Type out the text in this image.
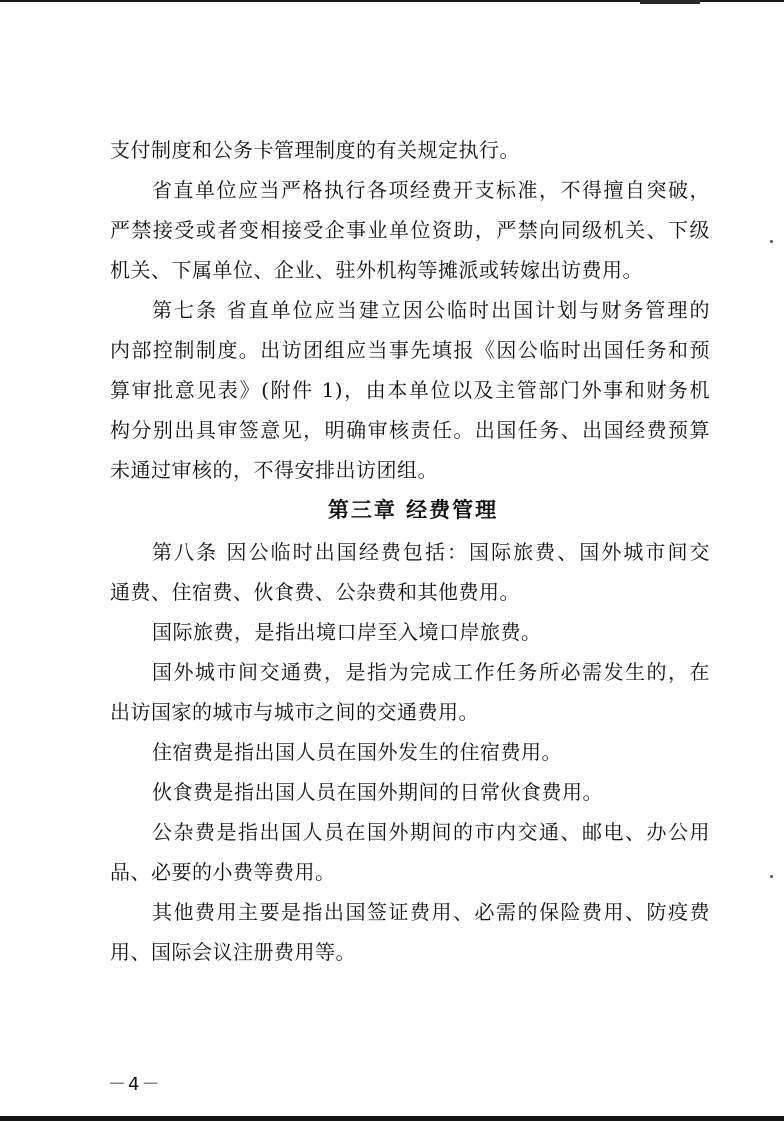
支付制度和公务卡管理制度的有关规定执行。
省直单位应当严格执行各项经费开支标准，不得擅自突破，
严禁接受或者变相接受企事业单位资助，严禁向同级机关、下级
机关、下属单位、企业、驻外机构等摊派或转嫁出访费用。
第七条 省直单位应当建立因公临时出国计划与财务管理的
内部控制制度。出访团组应当事先填报《因公临时出国任务和预
算审批意见表》(附件 1)，由本单位以及主管部门外事和财务机
构分别出具审签意见，明确审核责任。出国任务、出国经费预算
未通过审核的，不得安排出访团组。
第三章 经费管理
第八条 因公临时出国经费包括：国际旅费、国外城市间交
通费、住宿费、伙食费、公杂费和其他费用。
国际旅费，是指出境口岸至入境口岸旅费。
国外城市间交通费，是指为完成工作任务所必需发生的，在
出访国家的城市与城市之间的交通费用。
住宿费是指出国人员在国外发生的住宿费用。
伙食费是指出国人员在国外期间的日常伙食费用。
公杂费是指出国人员在国外期间的市内交通、邮电、办公用
品、必要的小费等费用。
其他费用主要是指出国签证费用、必需的保险费用、防疫费
用、国际会议注册费用等。
－4－
